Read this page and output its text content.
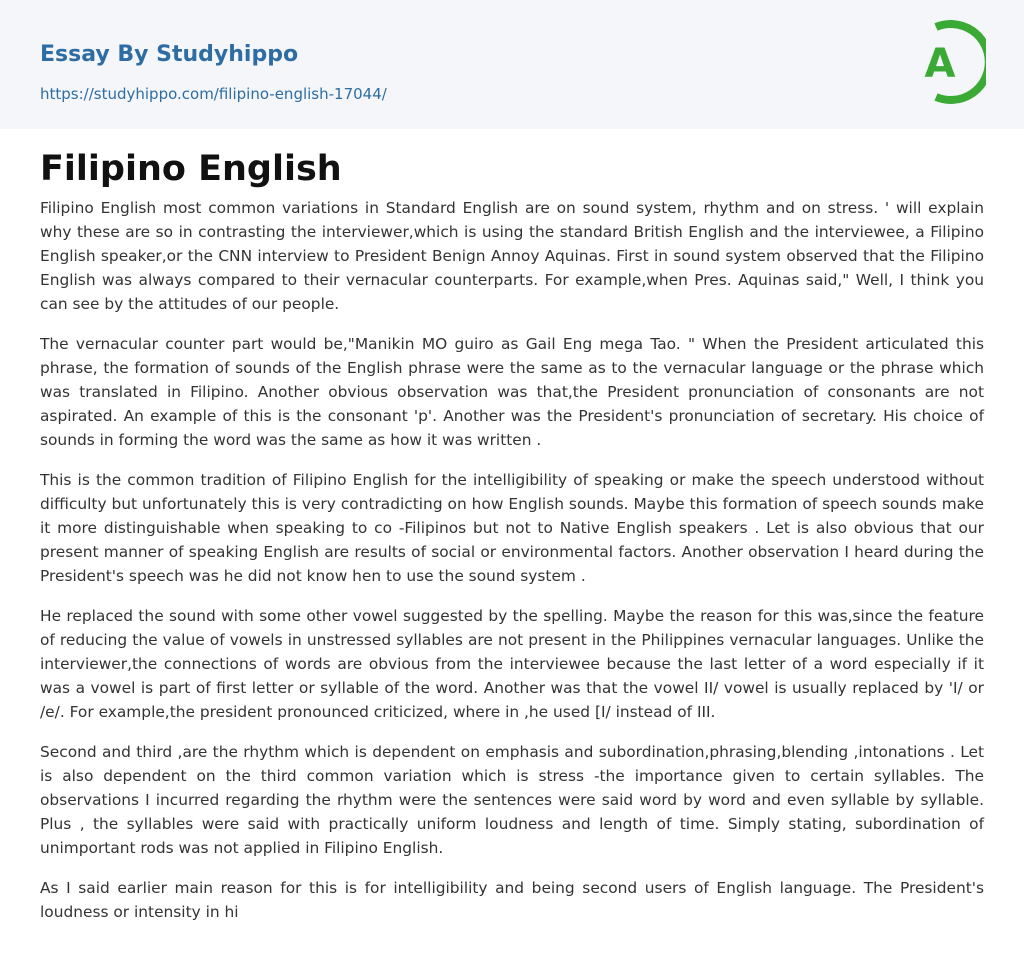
Essay By Studyhippo
https://studyhippo.com/filipino-english-17044/
A
Filipino English

Filipino English most common variations in Standard English are on sound system, rhythm and on stress. ' will explain why these are so in contrasting the interviewer,which is using the standard British English and the interviewee, a Filipino English speaker,or the CNN interview to President Benign Annoy Aquinas. First in sound system observed that the Filipino English was always compared to their vernacular counterparts. For example,when Pres. Aquinas said," Well, I think you can see by the attitudes of our people.

The vernacular counter part would be,"Manikin MO guiro as Gail Eng mega Tao. " When the President articulated this phrase, the formation of sounds of the English phrase were the same as to the vernacular language or the phrase which was translated in Filipino. Another obvious observation was that,the President pronunciation of consonants are not aspirated. An example of this is the consonant 'p'. Another was the President's pronunciation of secretary. His choice of sounds in forming the word was the same as how it was written .

This is the common tradition of Filipino English for the intelligibility of speaking or make the speech understood without difficulty but unfortunately this is very contradicting on how English sounds. Maybe this formation of speech sounds make it more distinguishable when speaking to co -Filipinos but not to Native English speakers . Let is also obvious that our present manner of speaking English are results of social or environmental factors. Another observation I heard during the President's speech was he did not know hen to use the sound system .

He replaced the sound with some other vowel suggested by the spelling. Maybe the reason for this was,since the feature of reducing the value of vowels in unstressed syllables are not present in the Philippines vernacular languages. Unlike the interviewer,the connections of words are obvious from the interviewee because the last letter of a word especially if it was a vowel is part of first letter or syllable of the word. Another was that the vowel II/ vowel is usually replaced by 'I/ or /e/. For example,the president pronounced criticized, where in ,he used [I/ instead of III.

Second and third ,are the rhythm which is dependent on emphasis and subordination,phrasing,blending ,intonations . Let is also dependent on the third common variation which is stress -the importance given to certain syllables. The observations I incurred regarding the rhythm were the sentences were said word by word and even syllable by syllable. Plus , the syllables were said with practically uniform loudness and length of time. Simply stating, subordination of unimportant rods was not applied in Filipino English.

As I said earlier main reason for this is for intelligibility and being second users of English language. The President's loudness or intensity in hi
